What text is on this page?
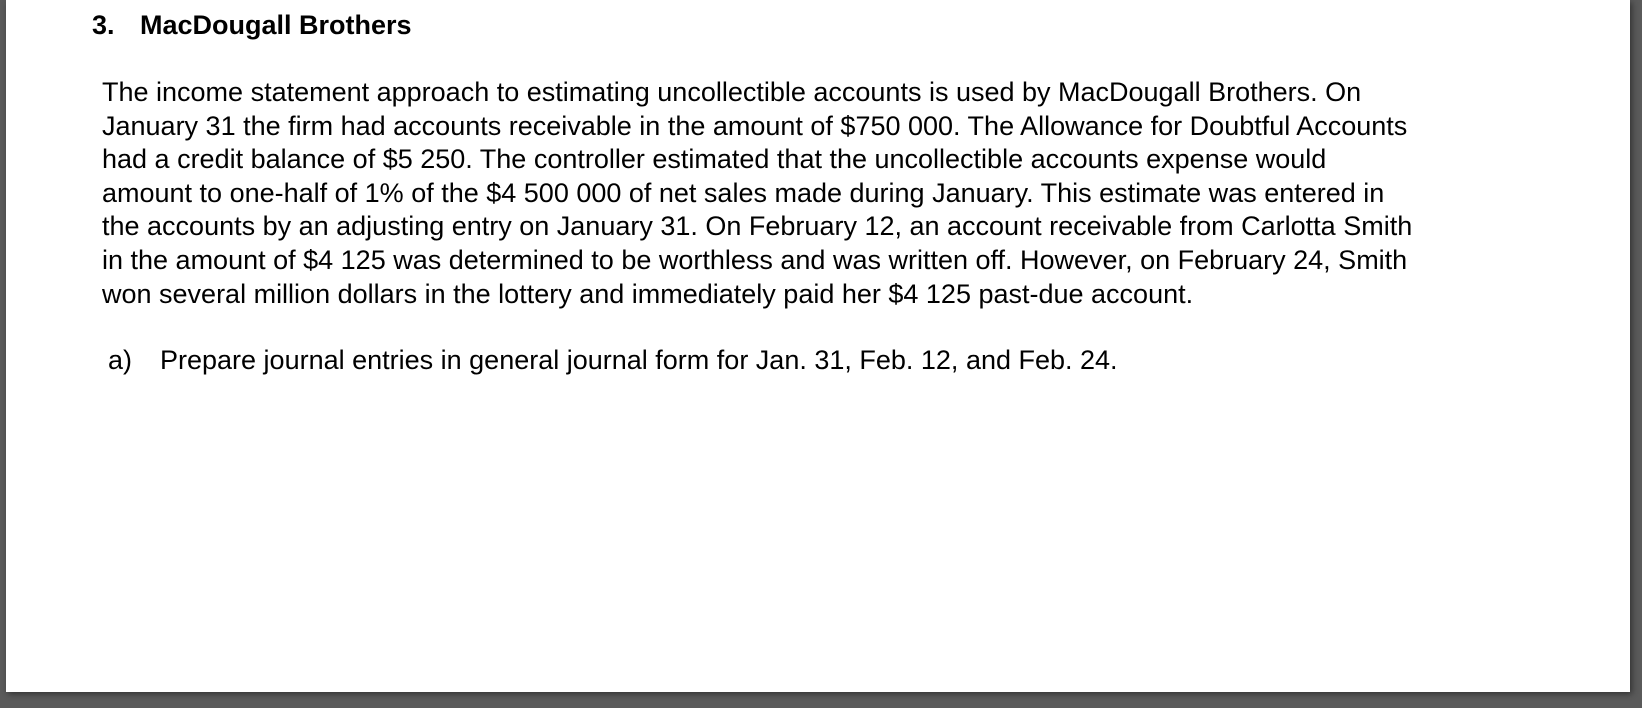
3. MacDougall Brothers
The income statement approach to estimating uncollectible accounts is used by MacDougall Brothers. On
January 31 the firm had accounts receivable in the amount of $750 000. The Allowance for Doubtful Accounts
had a credit balance of $5 250. The controller estimated that the uncollectible accounts expense would
amount to one-half of 1% of the $4 500 000 of net sales made during January. This estimate was entered in
the accounts by an adjusting entry on January 31. On February 12, an account receivable from Carlotta Smith
in the amount of $4 125 was determined to be worthless and was written off. However, on February 24, Smith
won several million dollars in the lottery and immediately paid her $4 125 past-due account.
a) Prepare journal entries in general journal form for Jan. 31, Feb. 12, and Feb. 24.
